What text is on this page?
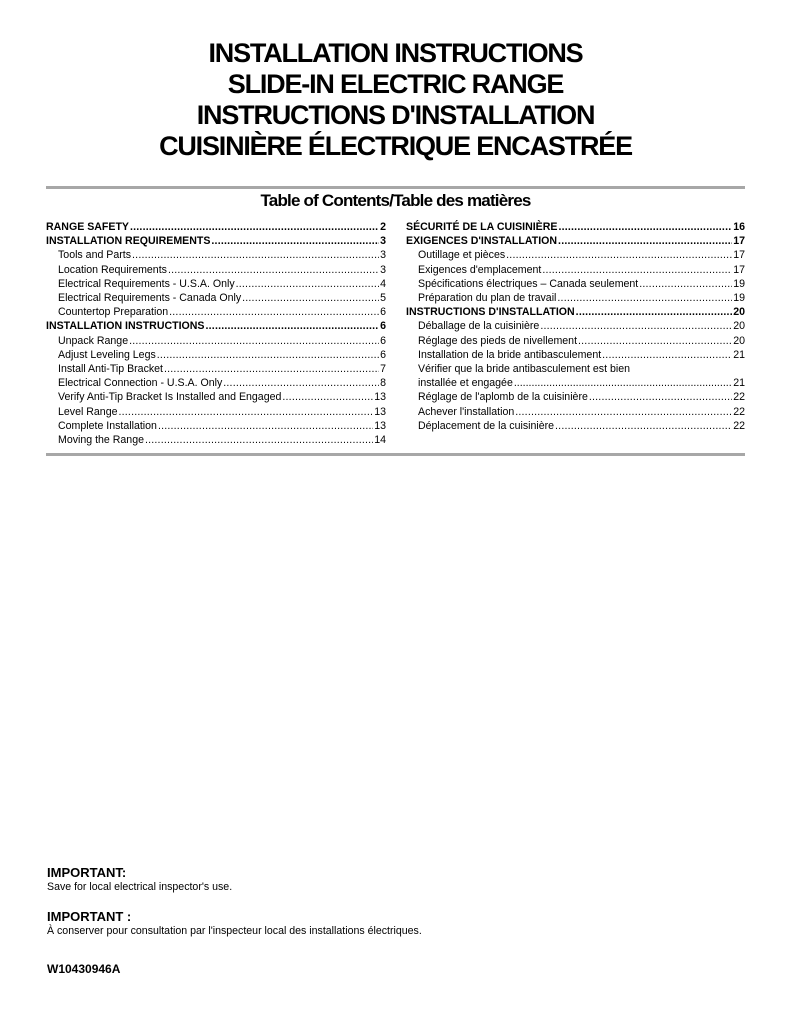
INSTALLATION INSTRUCTIONS
SLIDE-IN ELECTRIC RANGE
INSTRUCTIONS D'INSTALLATION
CUISINIÈRE ÉLECTRIQUE ENCASTRÉE
Table of Contents/Table des matières
RANGE SAFETY .....	2
INSTALLATION REQUIREMENTS .....	3
Tools and Parts .....	3
Location Requirements .....	3
Electrical Requirements - U.S.A. Only .....	4
Electrical Requirements - Canada Only .....	5
Countertop Preparation .....	6
INSTALLATION INSTRUCTIONS .....	6
Unpack Range .....	6
Adjust Leveling Legs .....	6
Install Anti-Tip Bracket .....	7
Electrical Connection - U.S.A. Only .....	8
Verify Anti-Tip Bracket Is Installed and Engaged .....	13
Level Range .....	13
Complete Installation .....	13
Moving the Range .....	14
SÉCURITÉ DE LA CUISINIÈRE .....	16
EXIGENCES D'INSTALLATION .....	17
Outillage et pièces .....	17
Exigences d'emplacement .....	17
Spécifications électriques – Canada seulement .....	19
Préparation du plan de travail .....	19
INSTRUCTIONS D'INSTALLATION .....	20
Déballage de la cuisinière .....	20
Réglage des pieds de nivellement .....	20
Installation de la bride antibasculement .....	21
Vérifier que la bride antibasculement est bien
installée et engagée .....	21
Réglage de l'aplomb de la cuisinière .....	22
Achever l'installation .....	22
Déplacement de la cuisinière .....	22
IMPORTANT:
Save for local electrical inspector's use.
IMPORTANT :
À conserver pour consultation par l'inspecteur local des installations électriques.
W10430946A
